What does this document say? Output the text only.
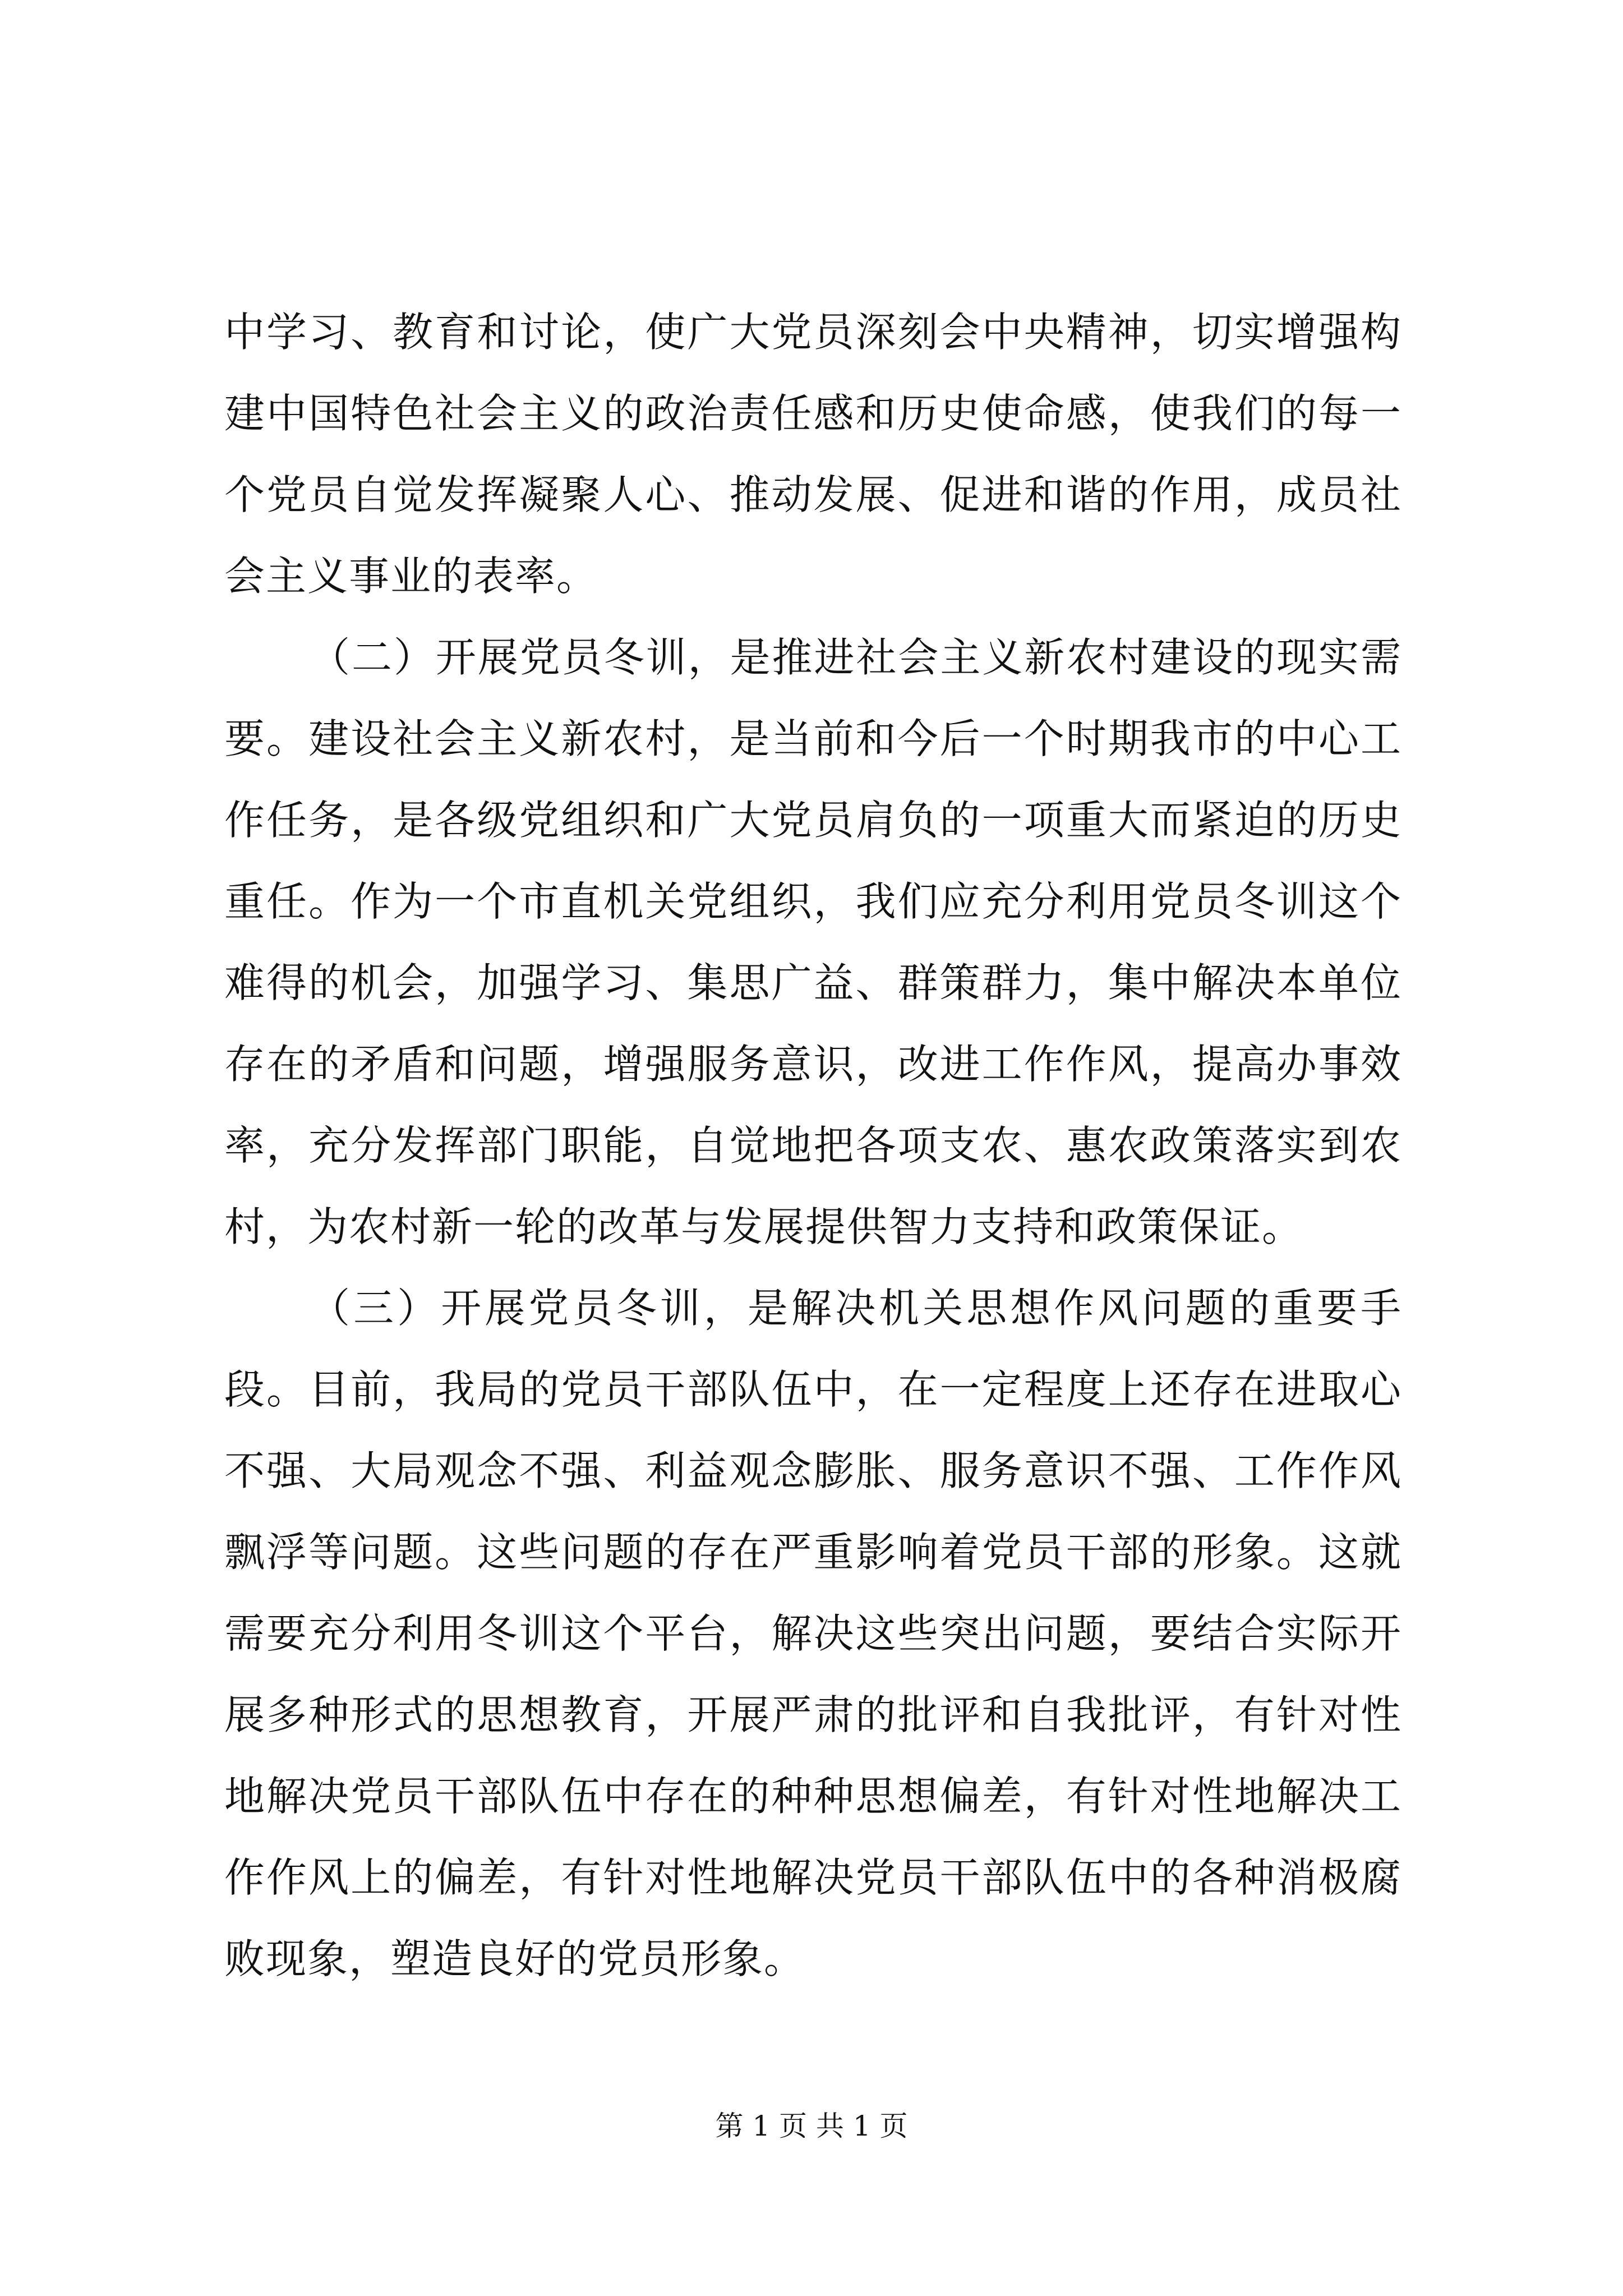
中学习、教育和讨论，使广大党员深刻会中央精神，切实增强构建中国特色社会主义的政治责任感和历史使命感，使我们的每一个党员自觉发挥凝聚人心、推动发展、促进和谐的作用，成员社会主义事业的表率。

（二）开展党员冬训，是推进社会主义新农村建设的现实需要。建设社会主义新农村，是当前和今后一个时期我市的中心工作任务，是各级党组织和广大党员肩负的一项重大而紧迫的历史重任。作为一个市直机关党组织，我们应充分利用党员冬训这个难得的机会，加强学习、集思广益、群策群力，集中解决本单位存在的矛盾和问题，增强服务意识，改进工作作风，提高办事效率，充分发挥部门职能，自觉地把各项支农、惠农政策落实到农村，为农村新一轮的改革与发展提供智力支持和政策保证。

（三）开展党员冬训，是解决机关思想作风问题的重要手段。目前，我局的党员干部队伍中，在一定程度上还存在进取心不强、大局观念不强、利益观念膨胀、服务意识不强、工作作风飘浮等问题。这些问题的存在严重影响着党员干部的形象。这就需要充分利用冬训这个平台，解决这些突出问题，要结合实际开展多种形式的思想教育，开展严肃的批评和自我批评，有针对性地解决党员干部队伍中存在的种种思想偏差，有针对性地解决工作作风上的偏差，有针对性地解决党员干部队伍中的各种消极腐败现象，塑造良好的党员形象。

第 1 页 共 1 页
